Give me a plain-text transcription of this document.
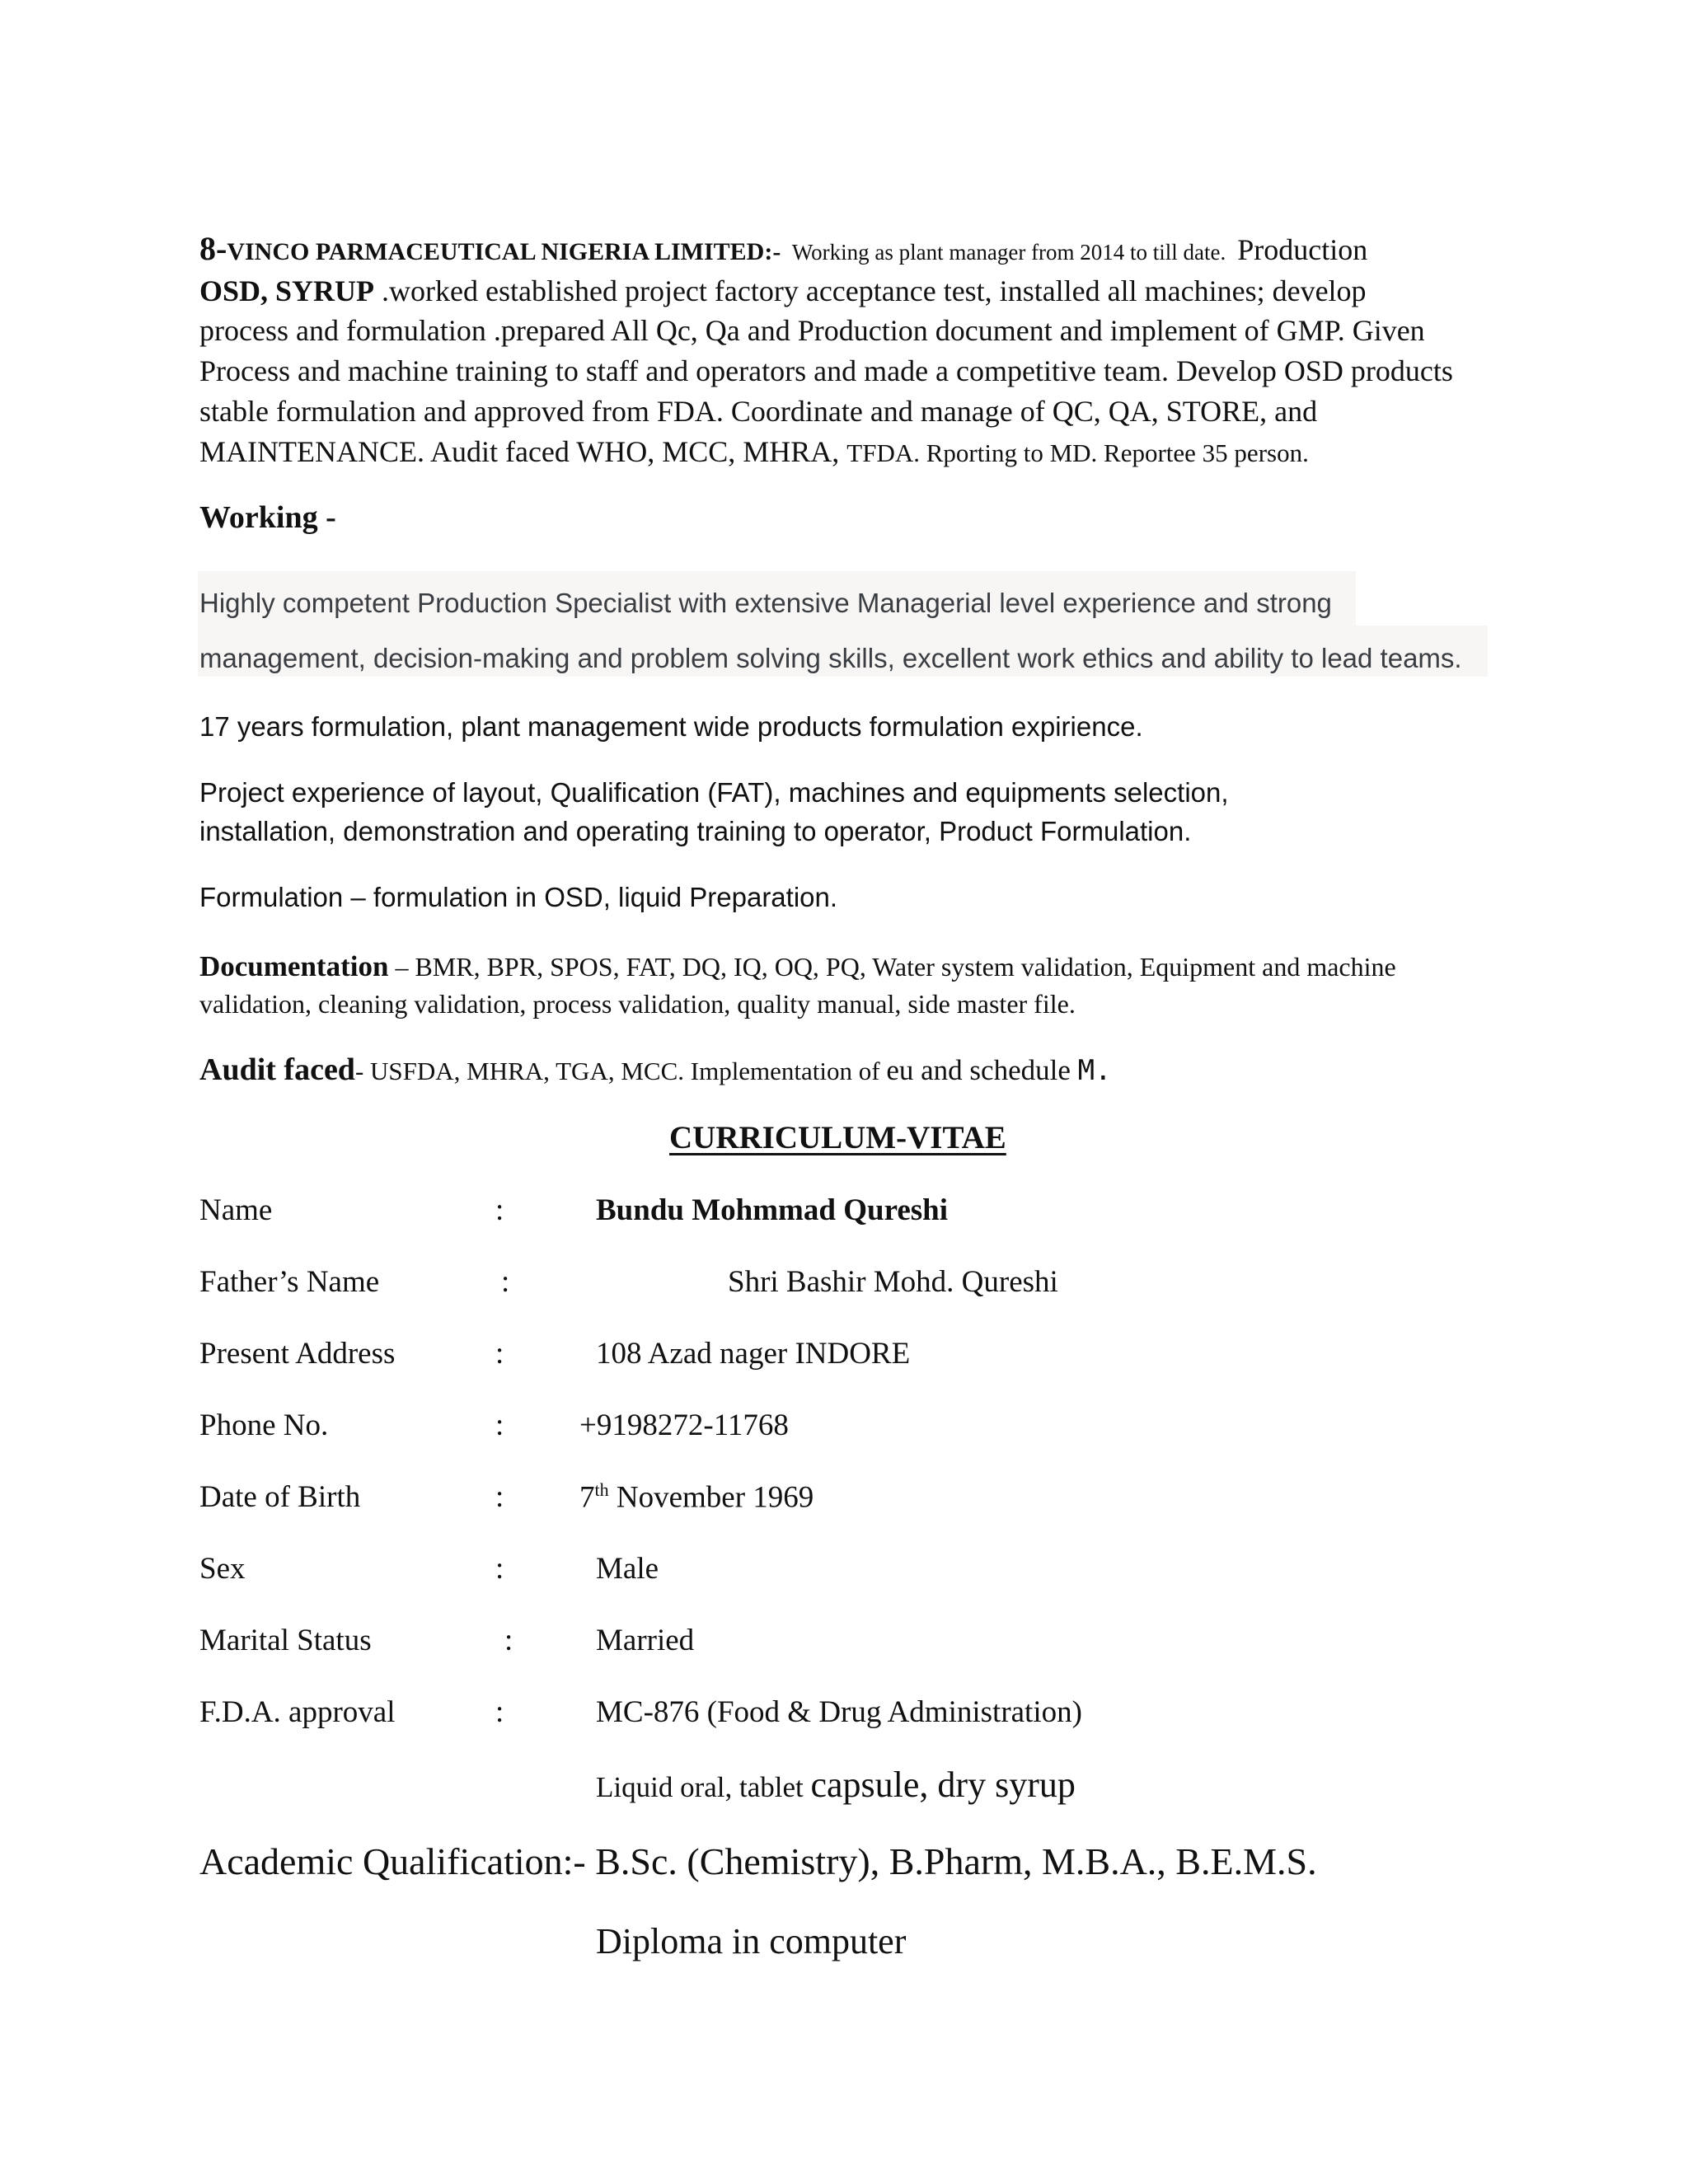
8-VINCO PARMACEUTICAL NIGERIA LIMITED:- Working as plant manager from 2014 to till date. Production
OSD, SYRUP .worked established project factory acceptance test, installed all machines; develop
process and formulation .prepared All Qc, Qa and Production document and implement of GMP. Given
Process and machine training to staff and operators and made a competitive team. Develop OSD products
stable formulation and approved from FDA. Coordinate and manage of QC, QA, STORE, and
MAINTENANCE. Audit faced WHO, MCC, MHRA, TFDA. Rporting to MD. Reportee 35 person.
Working -
Highly competent Production Specialist with extensive Managerial level experience and strong
management, decision-making and problem solving skills, excellent work ethics and ability to lead teams.
17 years formulation, plant management wide products formulation expirience.
Project experience of layout, Qualification (FAT), machines and equipments selection,
installation, demonstration and operating training to operator, Product Formulation.
Formulation – formulation in OSD, liquid Preparation.
Documentation – BMR, BPR, SPOS, FAT, DQ, IQ, OQ, PQ, Water system validation, Equipment and machine validation, cleaning validation, process validation, quality manual, side master file.
Audit faced- USFDA, MHRA, TGA, MCC. Implementation of eu and schedule M.
CURRICULUM-VITAE
Name	:	Bundu Mohmmad Qureshi
Father’s Name	:	Shri Bashir Mohd. Qureshi
Present Address	:	108 Azad nager INDORE
Phone No.	: +9198272-11768
Date of Birth	: 7th November 1969
Sex	:	Male
Marital Status	:	Married
F.D.A. approval	:	MC-876 (Food & Drug Administration)
Liquid oral, tablet capsule, dry syrup
Academic Qualification:- B.Sc. (Chemistry), B.Pharm, M.B.A., B.E.M.S.
Diploma in computer
